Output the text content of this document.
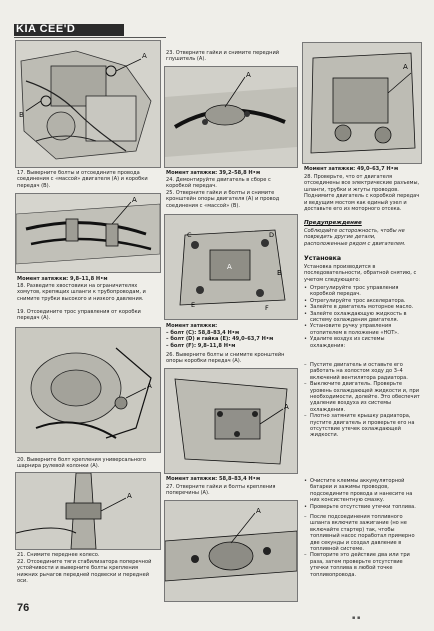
KIA CEE'D
A
B
17. Выверните болты и отсоедините провода соединения с «массой» двигателя (А) и коробки передач (В).
A
Момент затяжки: 9,8–11,8 Н•м
18. Разведите хвостовики на ограничителях хомутов, крепящих шланги к трубопроводам, и снимите трубки высокого и низкого давления.
19. Отсоедините трос управления от коробки передач (А).
A
20. Выверните болт крепления универсального шарнира рулевой колонки (А).
A
21. Снимите переднее колесо.
22. Отсоедините тяги стабилизатора поперечной устойчивости и выверните болты крепления нижних рычагов передней подвески и передней оси.
23. Отверните гайки и снимите передний глушитель (А).
A
Момент затяжки: 39,2–58,8 Н•м
24. Демонтируйте двигатель в сборе с коробкой передач.
25. Отверните гайки и болты и снимите кронштейн опоры двигателя (А) и провод соединения с «массой» (В).
C	D
E	F
A
B
Момент затяжки:
– болт (С): 58,8–83,4 Н•м
– болт (D) и гайка (E): 49,0–63,7 Н•м
– болт (F): 9,8–11,8 Н•м
26. Выверните болты и снимите кронштейн опоры коробки передач (А).
A
Момент затяжки: 58,8–83,4 Н•м
27. Отверните гайки и болты крепления поперечины (А).
A
A
Момент затяжки: 49,0–63,7 Н•м
28. Проверьте, что от двигателя отсоединены все электрические разъемы, шланги, трубки и жгуты проводов. Поднимите двигатель с коробкой передач и ведущим мостом как единый узел и доставьте его из моторного отсека.
Предупреждение
Соблюдайте осторожность, чтобы не повредить другие детали, расположенные рядом с двигателем.
Установка
Установка производится в последовательности, обратной снятию, с учетом следующего:
• Отрегулируйте трос управления коробкой передач.
• Отрегулируйте трос акселератора.
• Залейте в двигатель моторное масло.
• Залейте охлаждающую жидкость в систему охлаждения двигателя.
• Установите ручку управления отопителем в положение «HOT».
• Удалите воздух из системы охлаждения:
– Пустите двигатель и оставьте его работать на холостом ходу до 3–4 включений вентилятора радиатора.
– Выключите двигатель. Проверьте уровень охлаждающей жидкости и, при необходимости, долейте. Это обеспечит удаление воздуха из системы охлаждения.
– Плотно затяните крышку радиатора, пустите двигатель и проверьте его на отсутствие утечек охлаждающей жидкости.
• Очистите клеммы аккумуляторной батареи и зажимы проводов, подсоедините провода и нанесите на них консистентную смазку.
• Проверьте отсутствие утечки топлива.
– После подсоединения топливного шланга включите зажигание (но не включайте стартер) так, чтобы топливный насос поработал примерно две секунды и создал давление в топливной системе.
– Повторите это действие два или три раза, затем проверьте отсутствие утечки топлива в любой точке топливопровода.
76
▪ ▪
